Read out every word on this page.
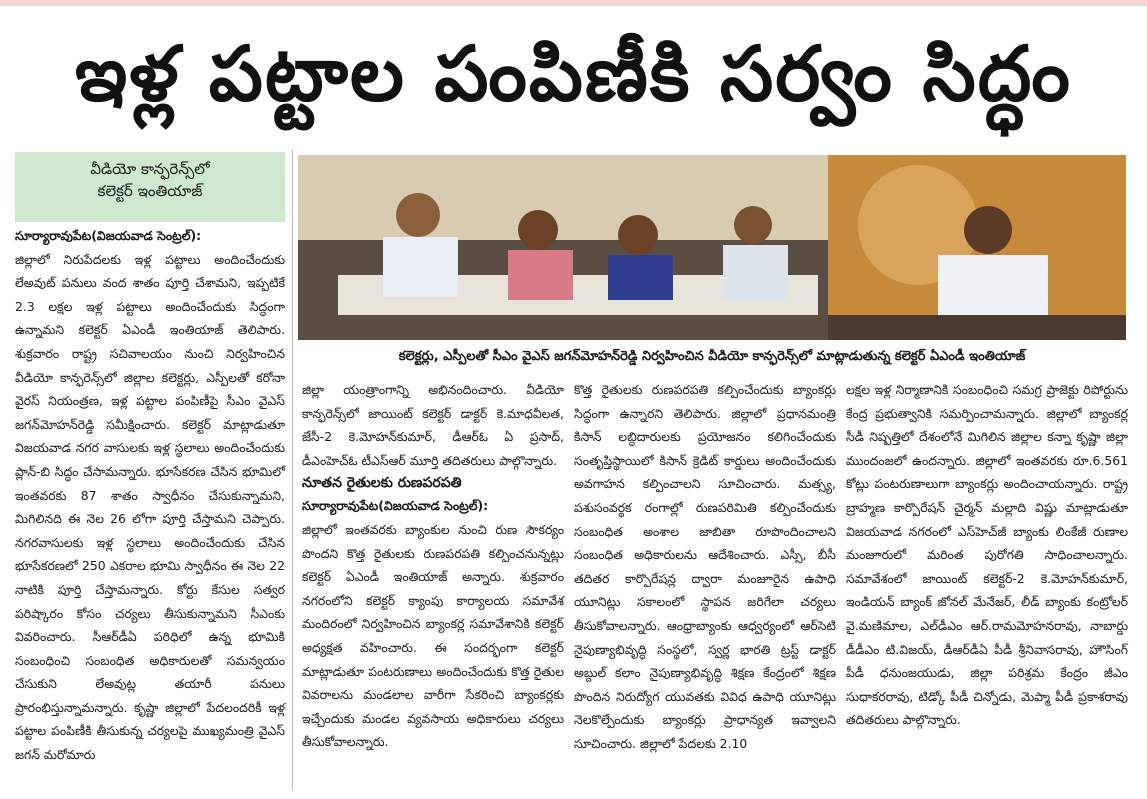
ఇళ్ల పట్టాల పంపిణీకి సర్వం సిద్ధం

వీడియో కాన్ఫరెన్స్‌లో

కలెక్టర్ ఇంతియాజ్

కలెక్టర్లు, ఎస్పీలతో సీఎం వైఎస్ జగన్‌మోహన్‌రెడ్డి నిర్వహించిన వీడియో కాన్ఫరెన్స్‌లో మాట్లాడుతున్న కలెక్టర్ ఏఎండీ ఇంతియాజ్

సూర్యారావుపేట(విజయవాడ సెంట్రల్):

జిల్లాలో నిరుపేదలకు ఇళ్ల పట్టాలు అందించేందుకు లేఅవుట్ పనులు వంద శాతం పూర్తి చేశామని, ఇప్పటికే 2.3 లక్షల ఇళ్ల పట్టాలు అందించేందుకు సిద్ధంగా ఉన్నామని కలెక్టర్ ఏఎండీ ఇంతియాజ్ తెలిపారు. శుక్రవారం రాష్ట్ర సచివాలయం నుంచి నిర్వహించిన వీడియో కాన్ఫరెన్స్‌లో జిల్లాల కలెక్టర్లు, ఎస్పీలతో కరోనా వైరస్ నియంత్రణ, ఇళ్ల పట్టాల పంపిణీపై సీఎం వైఎస్ జగన్‌మోహన్‌రెడ్డి సమీక్షించారు. కలెక్టర్ మాట్లాడుతూ విజయవాడ నగర వాసులకు ఇళ్ల స్థలాలు అందించేందుకు ప్లాన్-బి సిద్ధం చేసామన్నారు. భూసేకరణ చేసిన భూమిలో ఇంతవరకు 87 శాతం స్వాధీనం చేసుకున్నామని, మిగిలినది ఈ నెల 26 లోగా పూర్తి చేస్తామని చెప్పారు. నగరవాసులకు ఇళ్ల స్థలాలు అందించేందుకు చేసిన భూసేకరణలో 250 ఎకరాల భూమి స్వాధీనం ఈ నెల 22 నాటికి పూర్తి చేస్తామన్నారు. కోర్టు కేసుల సత్వర పరిష్కారం కోసం చర్యలు తీసుకున్నామని సీఎంకు వివరించారు. సీఆర్‌డీఏ పరిధిలో ఉన్న భూమికి సంబంధించి సంబంధిత అధికారులతో సమన్వయం చేసుకుని లేఅవుట్ల తయారీ పనులు ప్రారంభిస్తున్నామన్నారు. కృష్ణా జిల్లాలో పేదలందరికీ ఇళ్ల పట్టాల పంపిణీకి తీసుకున్న చర్యలపై ముఖ్యమంత్రి వైఎస్ జగన్ మరోమారు

జిల్లా యంత్రాంగాన్ని అభినందించారు. వీడియో కాన్ఫరెన్స్‌లో జాయింట్ కలెక్టర్ డాక్టర్ కె.మాధవీలత, జేసీ-2 కె.మోహన్‌కుమార్, డీఆర్‌ఓ ఏ ప్రసాద్, డీఎంహెచ్ఓ టీఎస్ఆర్ మూర్తి తదితరులు పాల్గొన్నారు.

నూతన రైతులకు రుణపరపతి

సూర్యారావుపేట(విజయవాడ సెంట్రల్):

జిల్లాలో ఇంతవరకు బ్యాంకుల నుంచి రుణ సౌకర్యం పొందని కొత్త రైతులకు రుణపరపతి కల్పించనున్నట్లు కలెక్టర్ ఏఎండీ ఇంతియాజ్ అన్నారు. శుక్రవారం నగరంలోని కలెక్టర్ క్యాంపు కార్యాలయ సమావేశ మందిరంలో నిర్వహించిన బ్యాంకర్ల సమావేశానికి కలెక్టర్ అధ్యక్షత వహించారు. ఈ సందర్భంగా కలెక్టర్ మాట్లాడుతూ పంటరుణాలు అందించేందుకు కొత్త రైతుల వివరాలను మండలాల వారీగా సేకరించి బ్యాంకర్లకు ఇచ్చేందుకు మండల వ్యవసాయ అధికారులు చర్యలు తీసుకోవాలన్నారు.

కొత్త రైతులకు రుణపరపతి కల్పించేందుకు బ్యాంకర్లు సిద్ధంగా ఉన్నారని తెలిపారు. జిల్లాలో ప్రధానమంత్రి కిసాన్ లబ్ధిదారులకు ప్రయోజనం కలిగించేందుకు సంతృప్తిస్థాయిలో కిసాన్ క్రెడిట్ కార్డులు అందించేందుకు అవగాహన కల్పించాలని సూచించారు. మత్స్య, పశుసంవర్థక రంగాల్లో రుణపరిమితి కల్పించేందుకు సంబంధిత అంశాల జాబితా రూపొందించాలని సంబంధిత అధికారులను ఆదేశించారు. ఎస్సీ, బీసీ తదితర కార్పొరేషన్ల ద్వారా మంజూరైన ఉపాధి యూనిట్లు సకాలంలో స్థాపన జరిగేలా చర్యలు తీసుకోవాలన్నారు. ఆంధ్రాబ్యాంకు ఆధ్వర్యంలో ఆర్‌సెటి నైపుణ్యాభివృద్ధి సంస్థలో, స్వర్ణ భారతి ట్రస్ట్ డాక్టర్ అబ్దుల్ కలాం నైపుణ్యాభివృద్ధి శిక్షణ కేంద్రంలో శిక్షణ పొందిన నిరుద్యోగ యువతకు వివిధ ఉపాధి యూనిట్లు నెలకొల్పేందుకు బ్యాంకర్లు ప్రాధాన్యత ఇవ్వాలని సూచించారు. జిల్లాలో పేదలకు 2.10

లక్షల ఇళ్ల నిర్మాణానికి సంబంధించి సమగ్ర ప్రాజెక్టు రిపోర్టును కేంద్ర ప్రభుత్వానికి సమర్పించామన్నారు. జిల్లాలో బ్యాంకర్ల సీడీ నిష్పత్తిలో దేశంలోనే మిగిలిన జిల్లాల కన్నా కృష్ణా జిల్లా ముందంజలో ఉందన్నారు. జిల్లాలో ఇంతవరకు రూ.6.561 కోట్లు పంటరుణాలుగా బ్యాంకర్లు అందించాయన్నారు. రాష్ట్ర బ్రాహ్మణ కార్పొరేషన్ చైర్మన్ మల్లాది విష్ణు మాట్లాడుతూ విజయవాడ నగరంలో ఎస్‌హెచ్‌జీ బ్యాంకు లింకేజీ రుణాల మంజూరులో మరింత పురోగతి సాధించాలన్నారు. సమావేశంలో జాయింట్ కలెక్టర్-2 కె.మోహన్‌కుమార్, ఇండియన్ బ్యాంక్ జోనల్ మేనేజర్, లీడ్ బ్యాంకు కంట్రోలర్ వై.మణిమాల, ఎల్‌డీఎం ఆర్.రామమోహనరావు, నాబార్డు డీడీఎం టి.విజయ్, డీఆర్‌డీఏ పీడీ శ్రీనివాసరావు, హౌసింగ్ పీడీ ధనుంజయుడు, జిల్లా పరిశ్రమ కేంద్రం జీఎం సుధాకరరావు, టిడ్కో పీడీ చిన్నోడు, మెప్మా పీడీ ప్రకాశరావు తదితరులు పాల్గొన్నారు.
